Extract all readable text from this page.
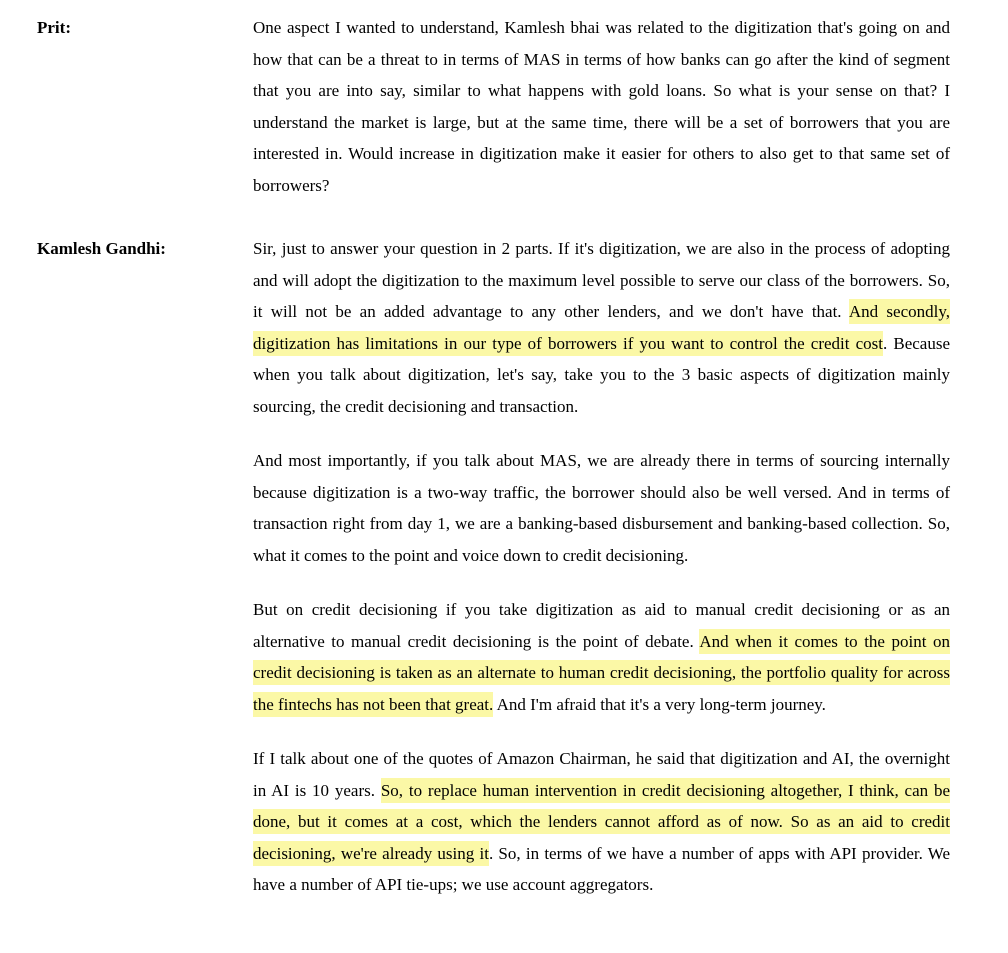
Prit:	One aspect I wanted to understand, Kamlesh bhai was related to the digitization that's going on and how that can be a threat to in terms of MAS in terms of how banks can go after the kind of segment that you are into say, similar to what happens with gold loans. So what is your sense on that? I understand the market is large, but at the same time, there will be a set of borrowers that you are interested in. Would increase in digitization make it easier for others to also get to that same set of borrowers?

Kamlesh Gandhi:	Sir, just to answer your question in 2 parts. If it's digitization, we are also in the process of adopting and will adopt the digitization to the maximum level possible to serve our class of the borrowers. So, it will not be an added advantage to any other lenders, and we don't have that. And secondly, digitization has limitations in our type of borrowers if you want to control the credit cost. Because when you talk about digitization, let's say, take you to the 3 basic aspects of digitization mainly sourcing, the credit decisioning and transaction.

And most importantly, if you talk about MAS, we are already there in terms of sourcing internally because digitization is a two-way traffic, the borrower should also be well versed. And in terms of transaction right from day 1, we are a banking-based disbursement and banking-based collection. So, what it comes to the point and voice down to credit decisioning.

But on credit decisioning if you take digitization as aid to manual credit decisioning or as an alternative to manual credit decisioning is the point of debate. And when it comes to the point on credit decisioning is taken as an alternate to human credit decisioning, the portfolio quality for across the fintechs has not been that great. And I'm afraid that it's a very long-term journey.

If I talk about one of the quotes of Amazon Chairman, he said that digitization and AI, the overnight in AI is 10 years. So, to replace human intervention in credit decisioning altogether, I think, can be done, but it comes at a cost, which the lenders cannot afford as of now. So as an aid to credit decisioning, we're already using it. So, in terms of we have a number of apps with API provider. We have a number of API tie-ups; we use account aggregators.
